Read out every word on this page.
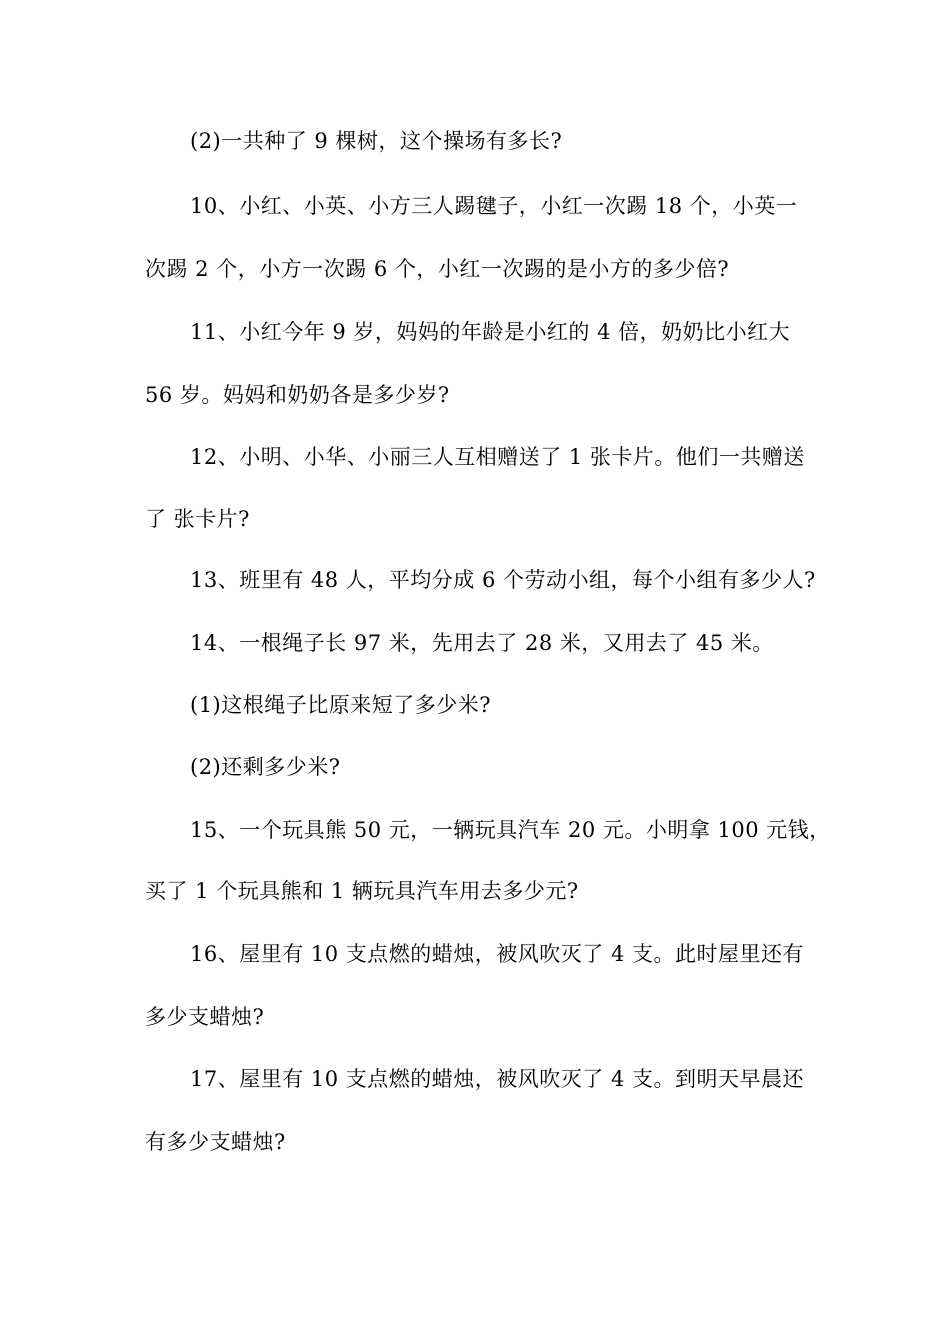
(2)一共种了 9 棵树，这个操场有多长?
10、小红、小英、小方三人踢毽子，小红一次踢 18 个，小英一
次踢 2 个，小方一次踢 6 个，小红一次踢的是小方的多少倍?
11、小红今年 9 岁，妈妈的年龄是小红的 4 倍，奶奶比小红大
56 岁。妈妈和奶奶各是多少岁?
12、小明、小华、小丽三人互相赠送了 1 张卡片。他们一共赠送
了 张卡片?
13、班里有 48 人，平均分成 6 个劳动小组，每个小组有多少人?
14、一根绳子长 97 米，先用去了 28 米，又用去了 45 米。
(1)这根绳子比原来短了多少米?
(2)还剩多少米?
15、一个玩具熊 50 元，一辆玩具汽车 20 元。小明拿 100 元钱，
买了 1 个玩具熊和 1 辆玩具汽车用去多少元?
16、屋里有 10 支点燃的蜡烛，被风吹灭了 4 支。此时屋里还有
多少支蜡烛?
17、屋里有 10 支点燃的蜡烛，被风吹灭了 4 支。到明天早晨还
有多少支蜡烛?
